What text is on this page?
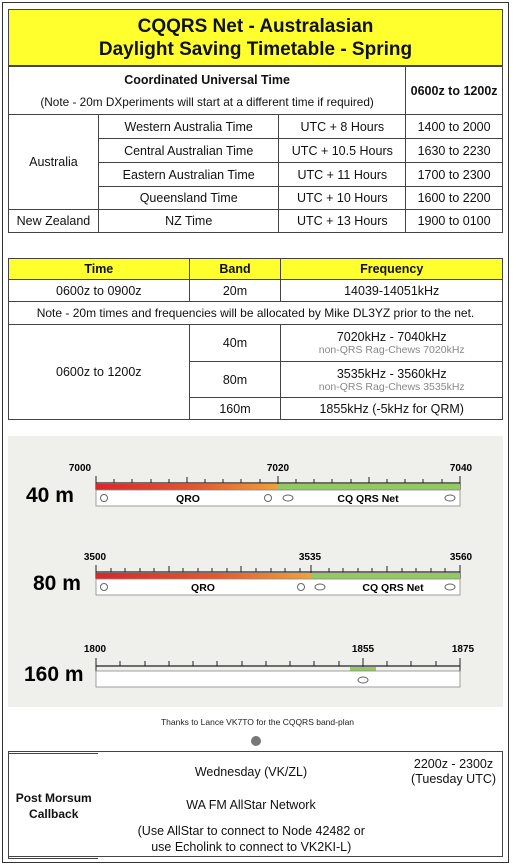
CQQRS Net - Australasian
Daylight Saving Timetable - Spring
Coordinated Universal Time
(Note - 20m DXperiments will start at a different time if required)			0600z to 1200z
Australia	Western Australia Time	UTC + 8 Hours	1400 to 2000
	Central Australian Time	UTC + 10.5 Hours	1630 to 2230
	Eastern Australian Time	UTC + 11 Hours	1700 to 2300
	Queensland Time	UTC + 10 Hours	1600 to 2200
New Zealand	NZ Time	UTC + 13 Hours	1900 to 0100
Time	Band	Frequency
0600z to 0900z	20m	14039-14051kHz
Note - 20m times and frequencies will be allocated by Mike DL3YZ prior to the net.		
0600z to 1200z	40m	7020kHz - 7040kHz
non-QRS Rag-Chews 7020kHz

	80m	3535kHz - 3560kHz
non-QRS Rag-Chews 3535kHz

	160m	1855kHz (-5kHz for QRM)
7000	7020	7040
40 m	QRO	CQ QRS Net
3500	3535	3560
80 m	QRO	CQ QRS Net
1800	1855	1875
160 m
Thanks to Lance VK7TO for the CQQRS band-plan
Post Morsum Callback	Wednesday (VK/ZL)	2200z - 2300z (Tuesday UTC)
	WA FM AllStar Network	
	(Use AllStar to connect to Node 42482 or use Echolink to connect to VK2KI-L)	
